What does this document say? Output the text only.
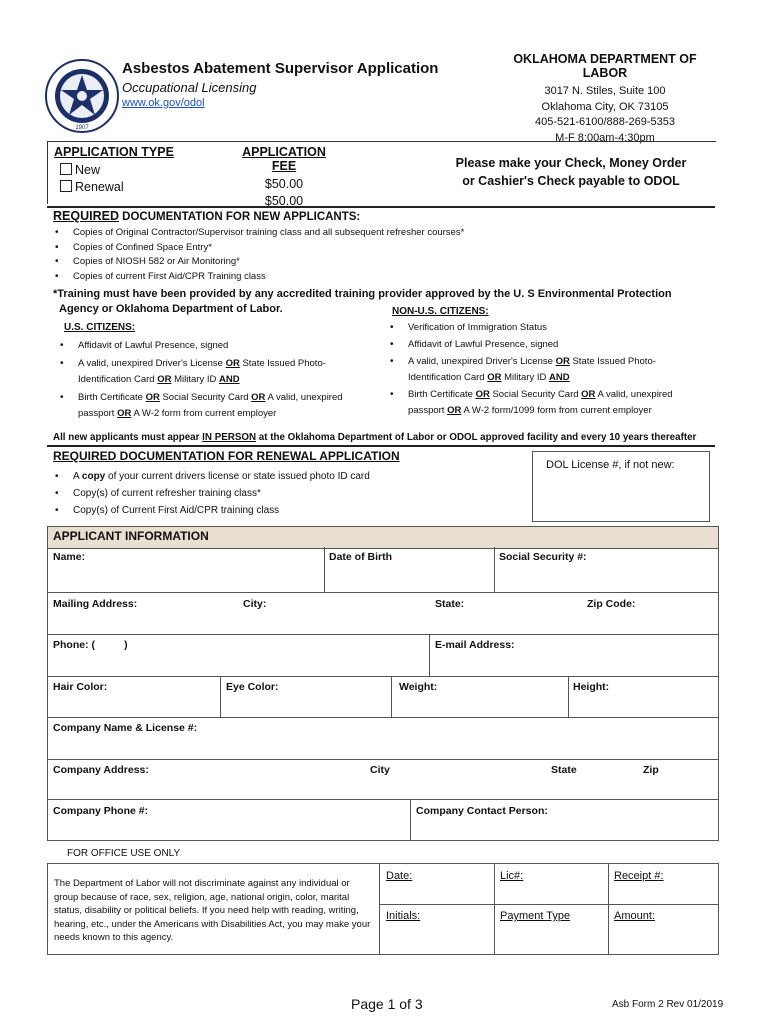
1907
Asbestos Abatement Supervisor Application
Occupational Licensing
www.ok.gov/odol
OKLAHOMA DEPARTMENT OF LABOR
3017 N. Stiles, Suite 100
Oklahoma City, OK 73105
405-521-6100/888-269-5353
M-F 8:00am-4:30pm
APPLICATION TYPE
New
Renewal
APPLICATION FEE
$50.00
$50.00
Please make your Check, Money Order or Cashier's Check payable to ODOL
REQUIRED DOCUMENTATION FOR NEW APPLICANTS:
• Copies of Original Contractor/Supervisor training class and all subsequent refresher courses*
• Copies of Confined Space Entry*
• Copies of NIOSH 582 or Air Monitoring*
• Copies of current First Aid/CPR Training class
*Training must have been provided by any accredited training provider approved by the U. S Environmental Protection
Agency or Oklahoma Department of Labor.
U.S. CITIZENS:
• Affidavit of Lawful Presence, signed
• A valid, unexpired Driver's License OR State Issued Photo-Identification Card OR Military ID AND
• Birth Certificate OR Social Security Card OR A valid, unexpired passport OR A W-2 form from current employer
NON-U.S. CITIZENS:
• Verification of Immigration Status
• Affidavit of Lawful Presence, signed
• A valid, unexpired Driver's License OR State Issued Photo-Identification Card OR Military ID AND
• Birth Certificate OR Social Security Card OR A valid, unexpired passport OR A W-2 form/1099 form from current employer
All new applicants must appear IN PERSON at the Oklahoma Department of Labor or ODOL approved facility and every 10 years thereafter
REQUIRED DOCUMENTATION FOR RENEWAL APPLICATION
• A copy of your current drivers license or state issued photo ID card
• Copy(s) of current refresher training class*
• Copy(s) of Current First Aid/CPR training class
DOL License #, if not new:
APPLICANT INFORMATION
Name:	Date of Birth	Social Security #:
Mailing Address:	City:	State:	Zip Code:
Phone: (          )	E-mail Address:
Hair Color:	Eye Color:	Weight:	Height:
Company Name & License #:
Company Address:	City	State	Zip
Company Phone #:	Company Contact Person:
FOR OFFICE USE ONLY
The Department of Labor will not discriminate against any individual or group because of race, sex, religion, age, national origin, color, marital status, disability or political beliefs. If you need help with reading, writing, hearing, etc., under the Americans with Disabilities Act, you may make your needs known to this agency.
Date:	Lic#:	Receipt #:
Initials:	Payment Type	Amount:
Page 1 of 3	Asb Form 2 Rev 01/2019
